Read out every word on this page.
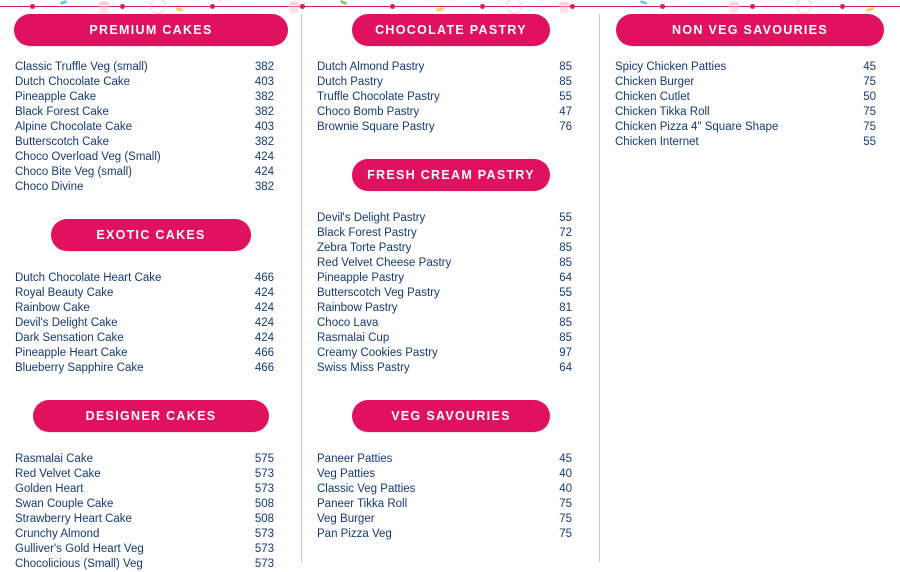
PREMIUM CAKES
Classic Truffle Veg (small)	382
Dutch Chocolate Cake	403
Pineapple Cake	382
Black Forest Cake	382
Alpine Chocolate Cake	403
Butterscotch Cake	382
Choco Overload Veg (Small)	424
Choco Bite Veg (small)	424
Choco Divine	382
EXOTIC CAKES
Dutch Chocolate Heart Cake	466
Royal Beauty Cake	424
Rainbow Cake	424
Devil's Delight Cake	424
Dark Sensation Cake	424
Pineapple Heart Cake	466
Blueberry Sapphire Cake	466
DESIGNER CAKES
Rasmalai Cake	575
Red Velvet Cake	573
Golden Heart	573
Swan Couple Cake	508
Strawberry Heart Cake	508
Crunchy Almond	573
Gulliver's Gold Heart Veg	573
Chocolicious (Small) Veg	573
CHOCOLATE PASTRY
Dutch Almond Pastry	85
Dutch Pastry	85
Truffle Chocolate Pastry	55
Choco Bomb Pastry	47
Brownie Square Pastry	76
FRESH CREAM PASTRY
Devil's Delight Pastry	55
Black Forest Pastry	72
Zebra Torte Pastry	85
Red Velvet Cheese Pastry	85
Pineapple Pastry	64
Butterscotch Veg Pastry	55
Rainbow Pastry	81
Choco Lava	85
Rasmalai Cup	85
Creamy Cookies Pastry	97
Swiss Miss Pastry	64
VEG SAVOURIES
Paneer Patties	45
Veg Patties	40
Classic Veg Patties	40
Paneer Tikka Roll	75
Veg Burger	75
Pan Pizza Veg	75
NON VEG SAVOURIES
Spicy Chicken Patties	45
Chicken Burger	75
Chicken Cutlet	50
Chicken Tikka Roll	75
Chicken Pizza 4" Square Shape	75
Chicken Internet	55
